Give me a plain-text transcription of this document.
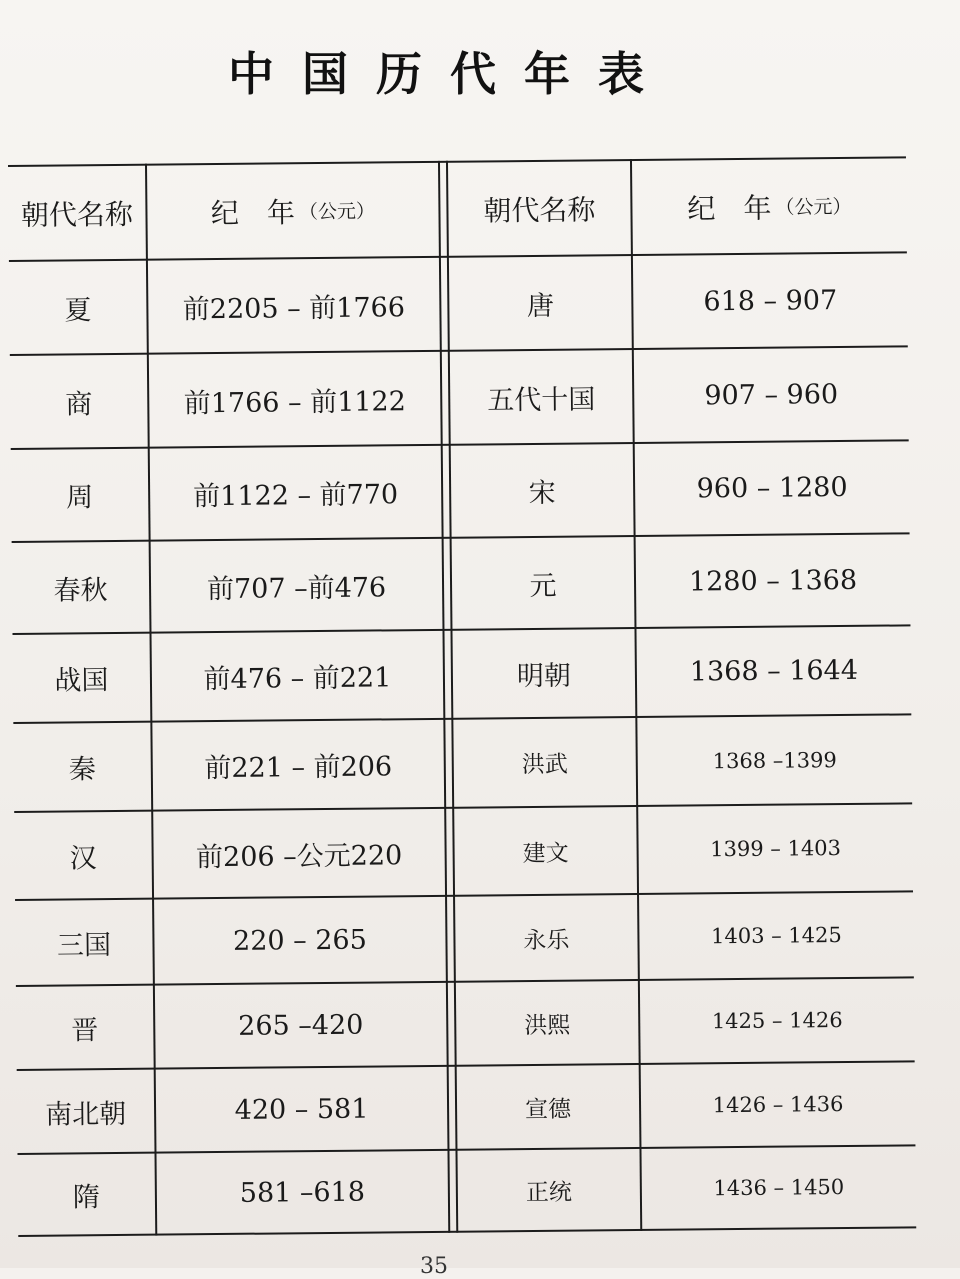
中国历代年表
朝代名称	纪　年 （公元）	朝代名称	纪　年 （公元）
夏	前2205 – 前1766	唐	618 – 907
商	前1766 – 前1122	五代十国	907 – 960
周	前1122 – 前770	宋	960 – 1280
春秋	前707 –前476	元	1280 – 1368
战国	前476 – 前221	明朝	1368 – 1644
秦	前221 – 前206	洪武	1368 –1399
汉	前206 –公元220	建文	1399 – 1403
三国	220 – 265	永乐	1403 – 1425
晋	265 –420	洪熙	1425 – 1426
南北朝	420 – 581	宣德	1426 – 1436
隋	581 –618	正统	1436 – 1450
35
